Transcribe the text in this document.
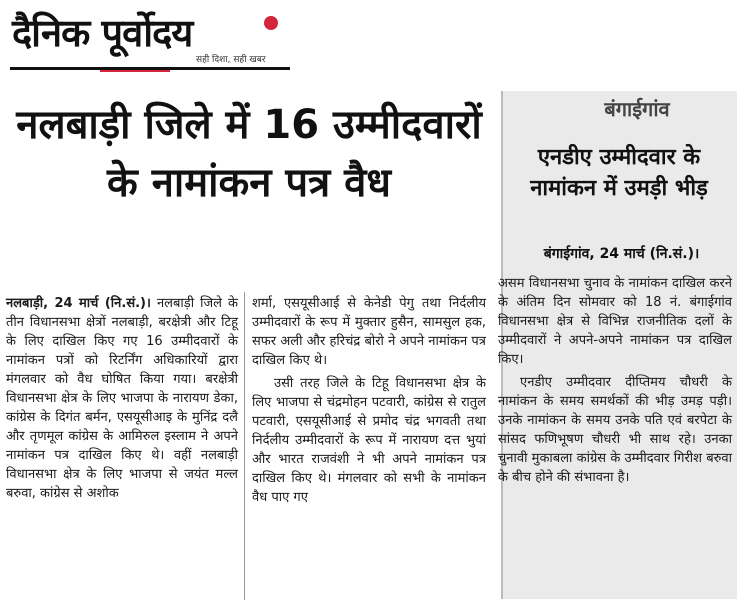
दैनिक पूर्वोदय
सही दिशा, सही खबर
नलबाड़ी जिले में 16 उम्मीदवारों के नामांकन पत्र वैध
बंगाईगांव
एनडीए उम्मीदवार के नामांकन में उमड़ी भीड़
बंगाईगांव, 24 मार्च (नि.सं.)।

नलबाड़ी, 24 मार्च (नि.सं.)। नलबाड़ी जिले के तीन विधानसभा क्षेत्रों नलबाड़ी, बरक्षेत्री और टिहू के लिए दाखिल किए गए 16 उम्मीदवारों के नामांकन पत्रों को रिटर्निंग अधिकारियों द्वारा मंगलवार को वैध घोषित किया गया। बरक्षेत्री विधानसभा क्षेत्र के लिए भाजपा के नारायण डेका, कांग्रेस के दिगंत बर्मन, एसयूसीआइ के मुनिंद्र दलै और तृणमूल कांग्रेस के आमिरुल इस्लाम ने अपने नामांकन पत्र दाखिल किए थे। वहीं नलबाड़ी विधानसभा क्षेत्र के लिए भाजपा से जयंत मल्ल बरुवा, कांग्रेस से अशोक

शर्मा, एसयूसीआई से केनेडी पेगु तथा निर्दलीय उम्मीदवारों के रूप में मुक्तार हुसैन, सामसुल हक, सफर अली और हरिचंद्र बोरो ने अपने नामांकन पत्र दाखिल किए थे।

उसी तरह जिले के टिहू विधानसभा क्षेत्र के लिए भाजपा से चंद्रमोहन पटवारी, कांग्रेस से रातुल पटवारी, एसयूसीआई से प्रमोद चंद्र भगवती तथा निर्दलीय उम्मीदवारों के रूप में नारायण दत्त भुयां और भारत राजवंशी ने भी अपने नामांकन पत्र दाखिल किए थे। मंगलवार को सभी के नामांकन वैध पाए गए

असम विधानसभा चुनाव के नामांकन दाखिल करने के अंतिम दिन सोमवार को 18 नं. बंगाईगांव विधानसभा क्षेत्र से विभिन्न राजनीतिक दलों के उम्मीदवारों ने अपने-अपने नामांकन पत्र दाखिल किए।

एनडीए उम्मीदवार दीप्तिमय चौधरी के नामांकन के समय समर्थकों की भीड़ उमड़ पड़ी। उनके नामांकन के समय उनके पति एवं बरपेटा के सांसद फणिभूषण चौधरी भी साथ रहे। उनका चुनावी मुकाबला कांग्रेस के उम्मीदवार गिरीश बरुवा के बीच होने की संभावना है।
